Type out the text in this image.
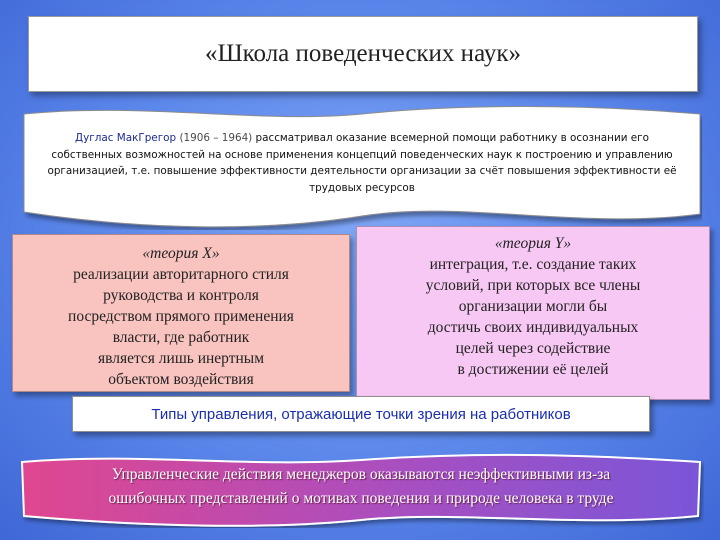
«Школа поведенческих наук»
Дуглас МакГрегор (1906 – 1964) рассматривал оказание всемерной помощи работнику в осознании его собственных возможностей на основе применения концепций поведенческих наук к построению и управлению организацией, т.е. повышение эффективности деятельности организации за счёт повышения эффективности её трудовых ресурсов
«теория X»
реализации авторитарного стиля
руководства и контроля
посредством прямого применения
власти, где работник
является лишь инертным
объектом воздействия
«теория Y»
интеграция, т.е. создание таких
условий, при которых все члены
организации могли бы
достичь своих индивидуальных
целей через содействие
в достижении её целей
Типы управления, отражающие точки зрения на работников
Управленческие действия менеджеров оказываются неэффективными из-за
ошибочных представлений о мотивах поведения и природе человека в труде
